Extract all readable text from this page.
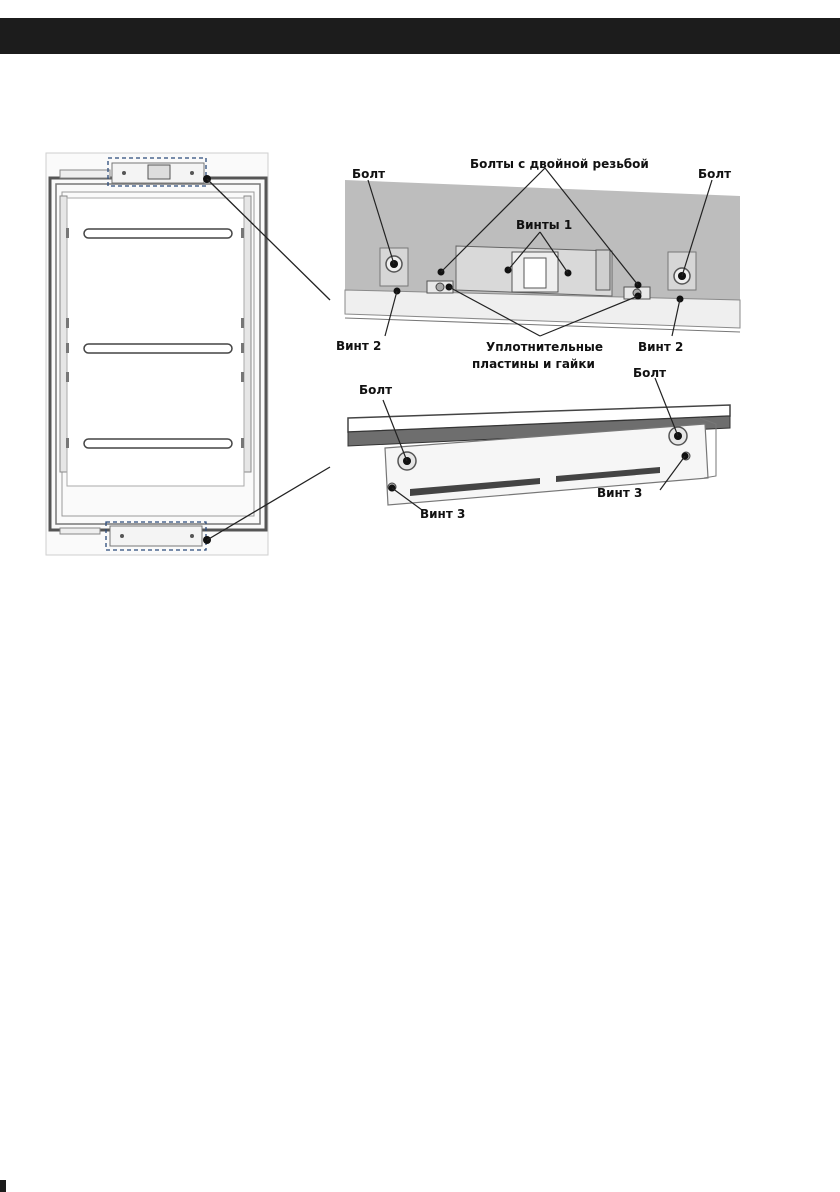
Болт
Болты с двойной резьбой
Болт
Винты 1
Винт 2	Уплотнительные
пластины и гайки
Винт 2
Болт
Болт
Винт 3
Винт 3
